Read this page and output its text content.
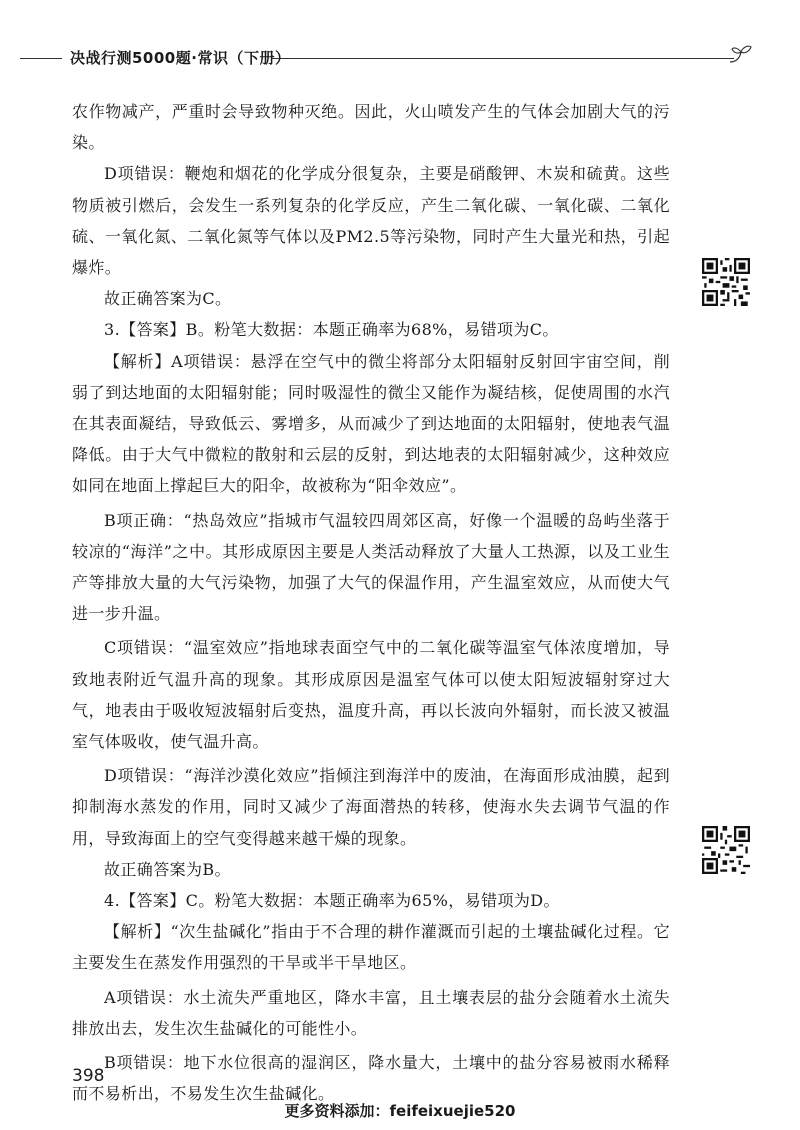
决战行测5000题·常识（下册）

农作物减产，严重时会导致物种灭绝。因此，火山喷发产生的气体会加剧大气的污染。

D项错误：鞭炮和烟花的化学成分很复杂，主要是硝酸钾、木炭和硫黄。这些物质被引燃后，会发生一系列复杂的化学反应，产生二氧化碳、一氧化碳、二氧化硫、一氧化氮、二氧化氮等气体以及PM2.5等污染物，同时产生大量光和热，引起爆炸。

故正确答案为C。

3.【答案】B。粉笔大数据：本题正确率为68%，易错项为C。

【解析】A项错误：悬浮在空气中的微尘将部分太阳辐射反射回宇宙空间，削弱了到达地面的太阳辐射能；同时吸湿性的微尘又能作为凝结核，促使周围的水汽在其表面凝结，导致低云、雾增多，从而减少了到达地面的太阳辐射，使地表气温降低。由于大气中微粒的散射和云层的反射，到达地表的太阳辐射减少，这种效应如同在地面上撑起巨大的阳伞，故被称为“阳伞效应”。

B项正确：“热岛效应”指城市气温较四周郊区高，好像一个温暖的岛屿坐落于较凉的“海洋”之中。其形成原因主要是人类活动释放了大量人工热源，以及工业生产等排放大量的大气污染物，加强了大气的保温作用，产生温室效应，从而使大气进一步升温。

C项错误：“温室效应”指地球表面空气中的二氧化碳等温室气体浓度增加，导致地表附近气温升高的现象。其形成原因是温室气体可以使太阳短波辐射穿过大气，地表由于吸收短波辐射后变热，温度升高，再以长波向外辐射，而长波又被温室气体吸收，使气温升高。

D项错误：“海洋沙漠化效应”指倾注到海洋中的废油，在海面形成油膜，起到抑制海水蒸发的作用，同时又减少了海面潜热的转移，使海水失去调节气温的作用，导致海面上的空气变得越来越干燥的现象。

故正确答案为B。

4.【答案】C。粉笔大数据：本题正确率为65%，易错项为D。

【解析】“次生盐碱化”指由于不合理的耕作灌溉而引起的土壤盐碱化过程。它主要发生在蒸发作用强烈的干旱或半干旱地区。

A项错误：水土流失严重地区，降水丰富，且土壤表层的盐分会随着水土流失排放出去，发生次生盐碱化的可能性小。

B项错误：地下水位很高的湿润区，降水量大，土壤中的盐分容易被雨水稀释而不易析出，不易发生次生盐碱化。

398
更多资料添加：feifeixuejie520
